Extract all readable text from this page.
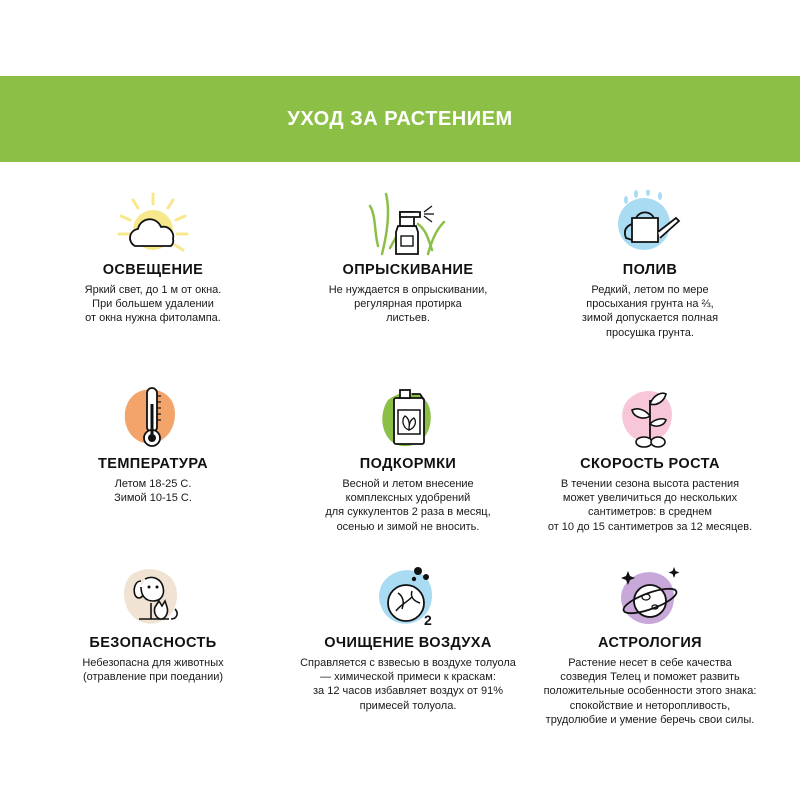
УХОД ЗА РАСТЕНИЕМ
ОСВЕЩЕНИЕ
Яркий свет, до 1 м от окна.
При большем удалении
от окна нужна фитолампа.
ОПРЫСКИВАНИЕ
Не нуждается в опрыскивании,
регулярная протирка
листьев.
ПОЛИВ
Редкий, летом по мере
просыхания грунта на ⅔,
зимой допускается полная
просушка грунта.
ТЕМПЕРАТУРА
Летом 18-25 С.
Зимой 10-15 С.
ПОДКОРМКИ
Весной и летом внесение
комплексных удобрений
для суккулентов 2 раза в месяц,
осенью и зимой не вносить.
СКОРОСТЬ РОСТА
В течении сезона высота растения
может увеличиться до нескольких
сантиметров: в среднем
от 10 до 15 сантиметров за 12 месяцев.
БЕЗОПАСНОСТЬ
Небезопасна для животных
(отравление при поедании)
2
ОЧИЩЕНИЕ ВОЗДУХА
Справляется с взвесью в воздухе толуола
— химической примеси к краскам:
за 12 часов избавляет воздух от 91%
примесей толуола.
АСТРОЛОГИЯ
Растение несет в себе качества
созведия Телец и поможет развить
положительные особенности этого знака:
спокойствие и неторопливость,
трудолюбие и умение беречь свои силы.
